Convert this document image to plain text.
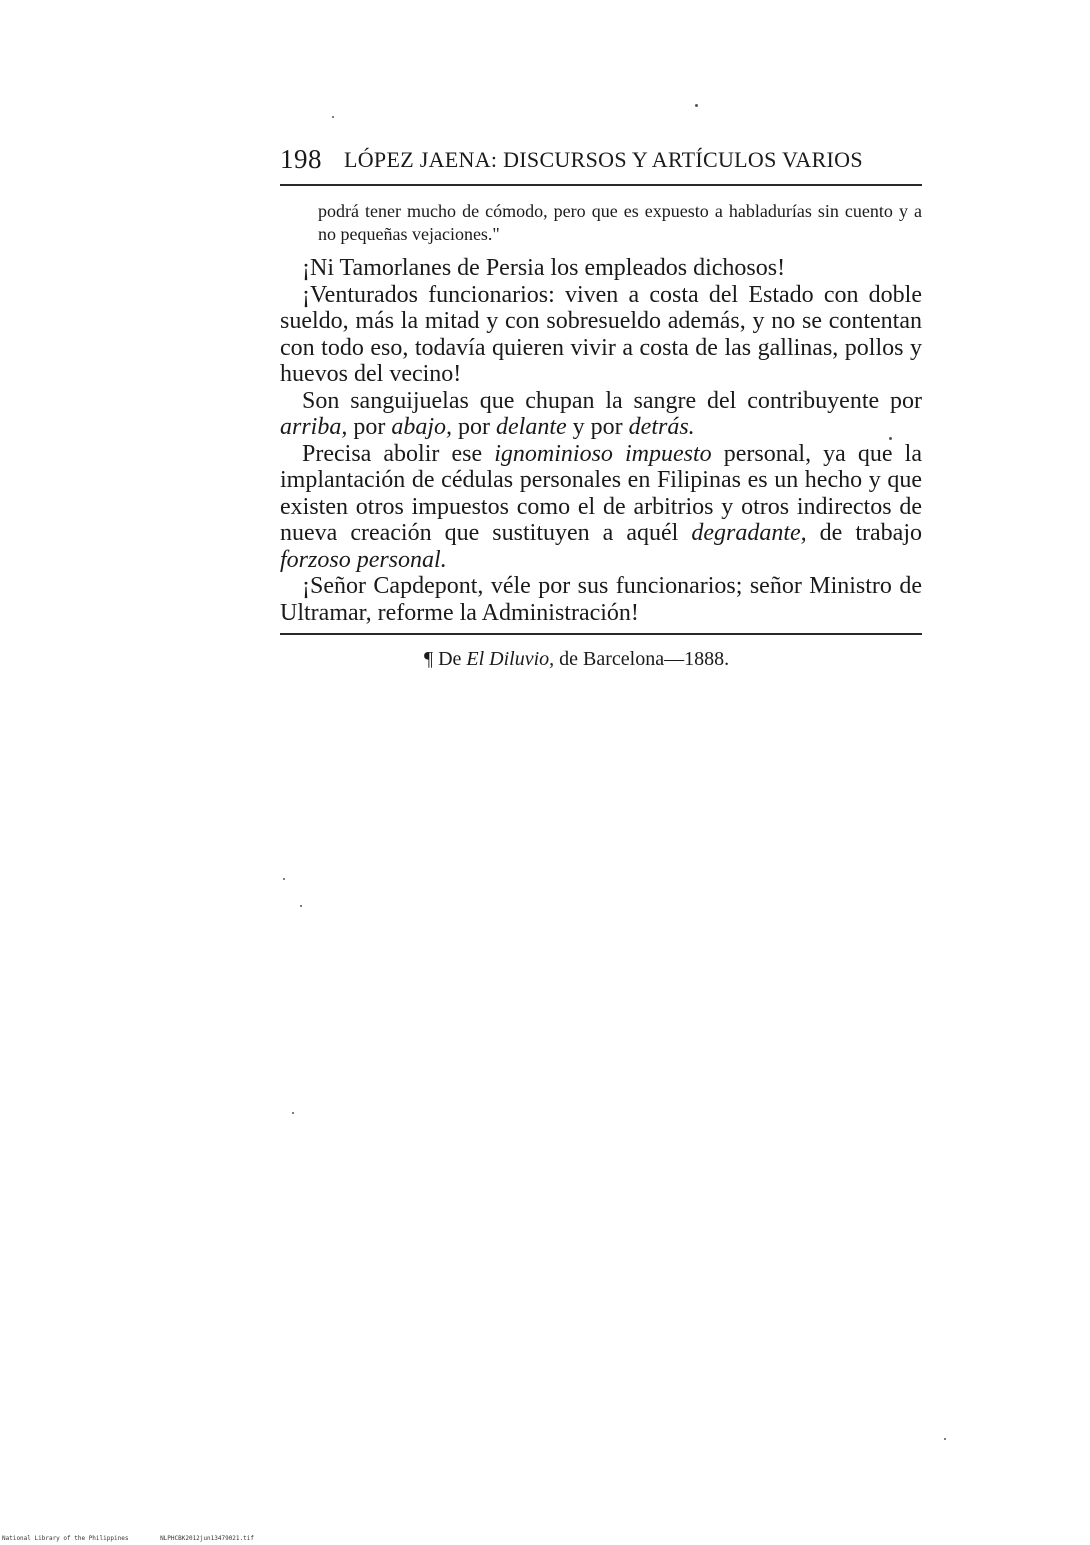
198 LÓPEZ JAENA: DISCURSOS Y ARTÍCULOS VARIOS
podrá tener mucho de cómodo, pero que es expuesto a habladurías sin cuento y a no pequeñas vejaciones."

¡Ni Tamorlanes de Persia los empleados dichosos!

¡Venturados funcionarios: viven a costa del Estado con doble sueldo, más la mitad y con sobresueldo además, y no se contentan con todo eso, todavía quieren vivir a costa de las gallinas, pollos y huevos del vecino!

Son sanguijuelas que chupan la sangre del contribuyente por arriba, por abajo, por delante y por detrás.

Precisa abolir ese ignominioso impuesto personal, ya que la implantación de cédulas personales en Filipinas es un hecho y que existen otros impuestos como el de arbitrios y otros indirectos de nueva creación que sustituyen a aquél degradante, de trabajo forzoso personal.

¡Señor Capdepont, véle por sus funcionarios; señor Ministro de Ultramar, reforme la Administración!

¶ De El Diluvio, de Barcelona—1888.
National Library of the Philippines	NLPHCBK2012jun13479021.tif
